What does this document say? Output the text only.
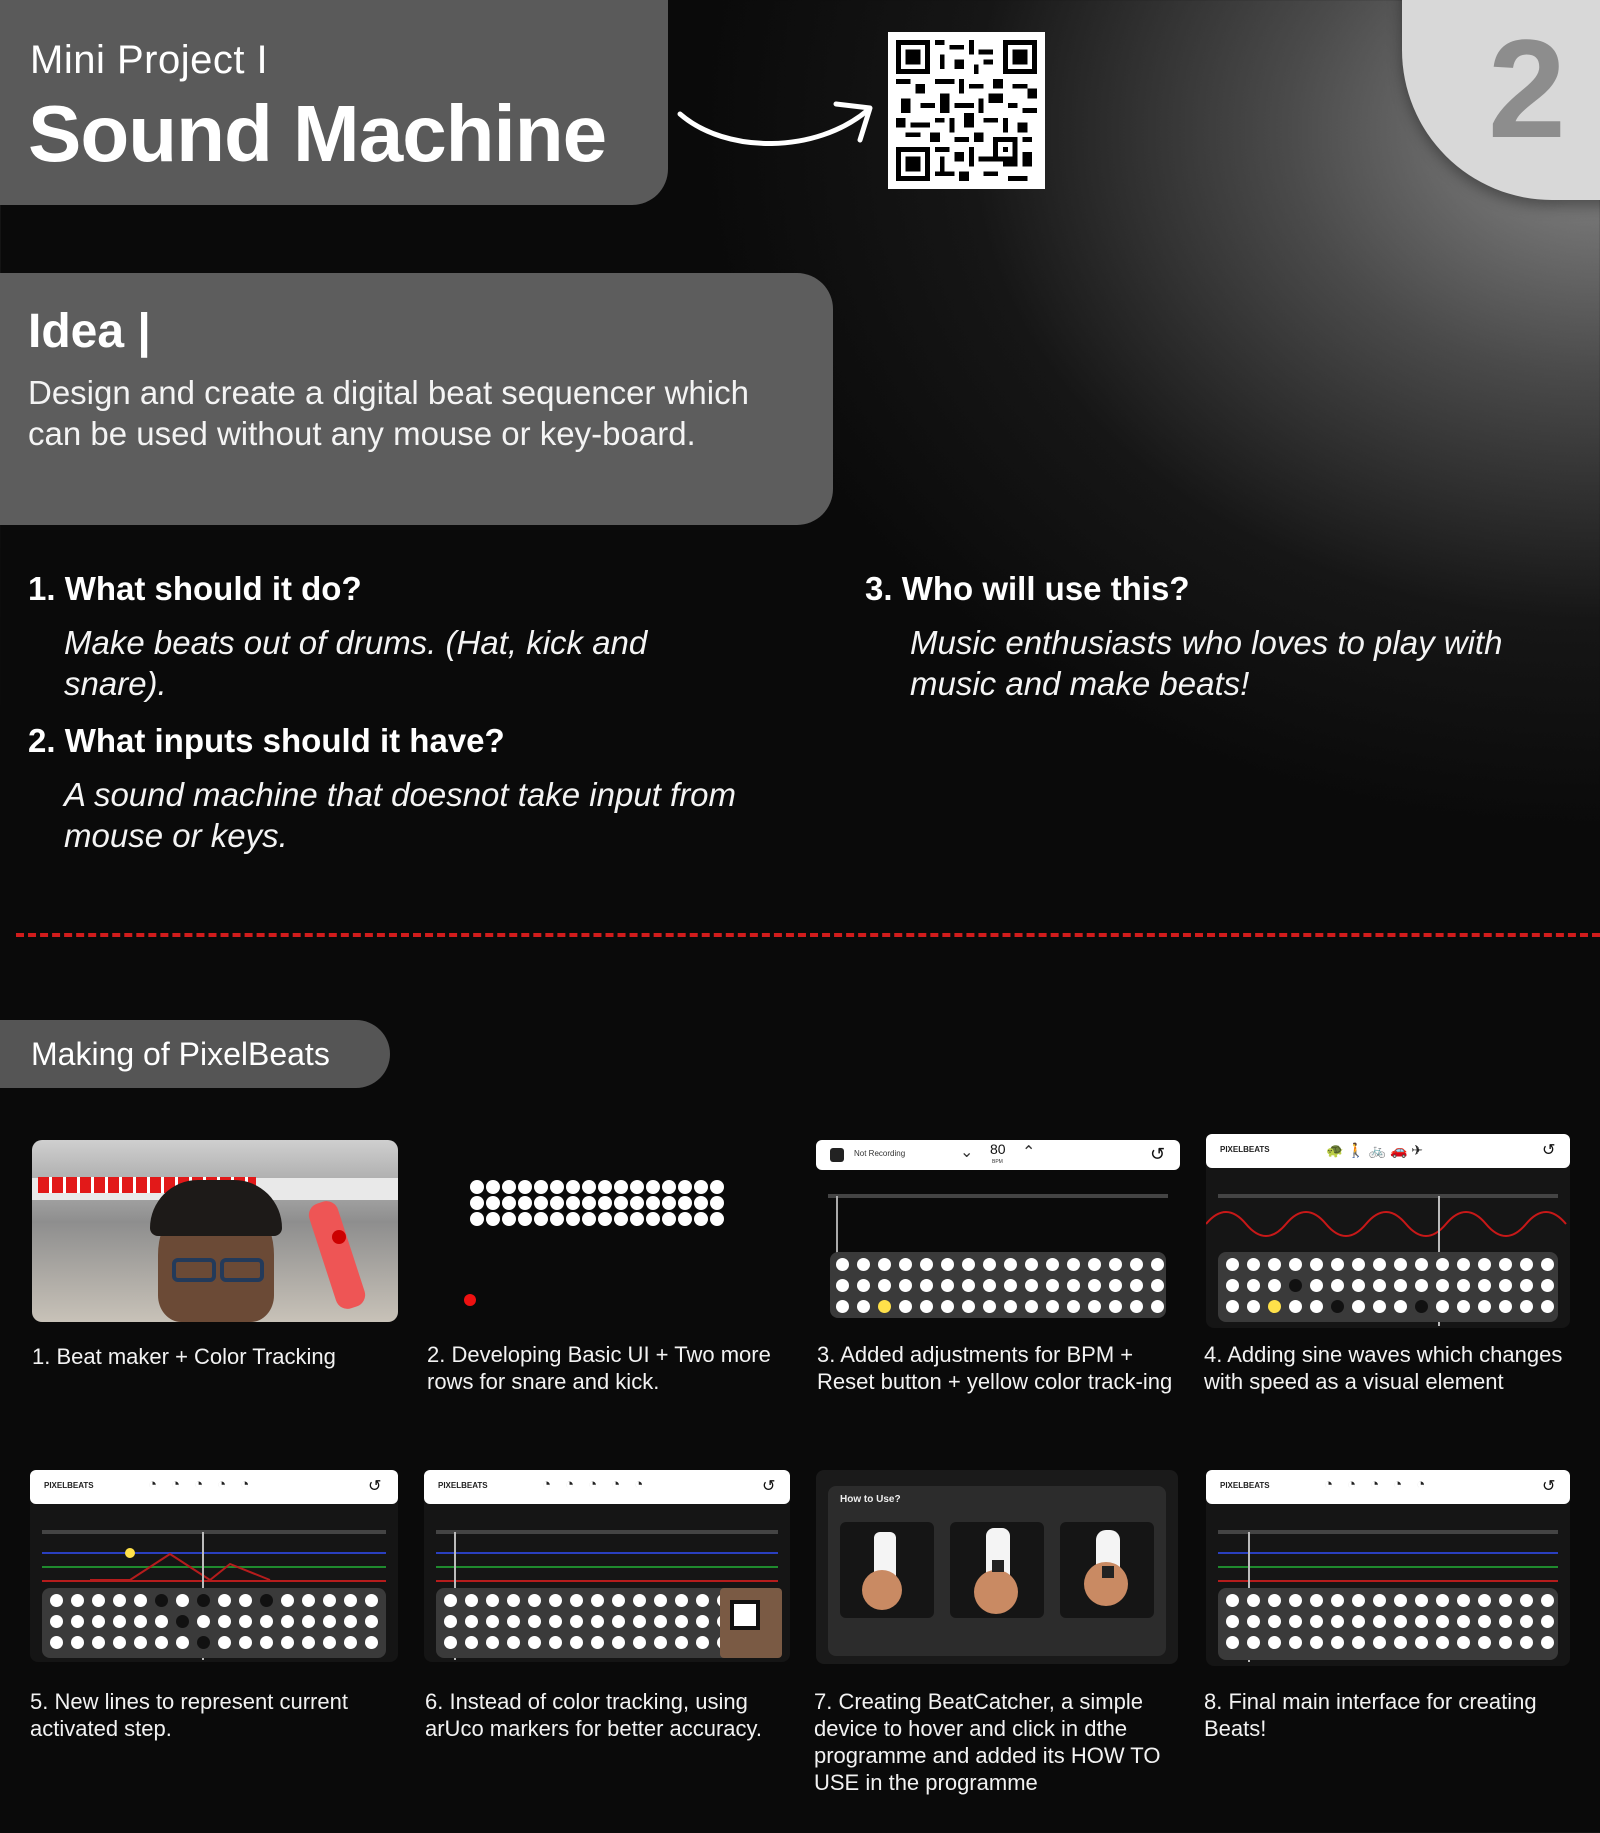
Mini Project I
Sound Machine	2
Idea |
Design and create a digital beat sequencer which can be used without any mouse or key-board.
1. What should it do?
Make beats out of drums. (Hat, kick and snare).
2. What inputs should it have?
A sound machine that doesnot take input from mouse or keys.
3. Who will use this?
Music enthusiasts who loves to play with music and make beats!
Making of PixelBeats
1. Beat maker + Color Tracking	2. Developing Basic UI + Two more rows for snare and kick.
Not Recording	⌄ 80
BPM
⌃	↺
3. Added adjustments for BPM + Reset button + yellow color track-ing
PIXELBEATS	🐢 🚶 🚲 🚗 ✈	↺
4. Adding sine waves which changes with speed as a visual element
PIXELBEATS	◔◔◔◔◔	↺
5. New lines to represent current activated step.
PIXELBEATS	◔◔◔◔◔	↺
6. Instead of color tracking, using arUco markers for better accuracy.
How to Use?
7. Creating BeatCatcher, a simple device to hover and click in dthe programme and added its HOW TO USE in the programme
PIXELBEATS	◔◔◔◔◔	↺
8. Final main interface for creating Beats!
